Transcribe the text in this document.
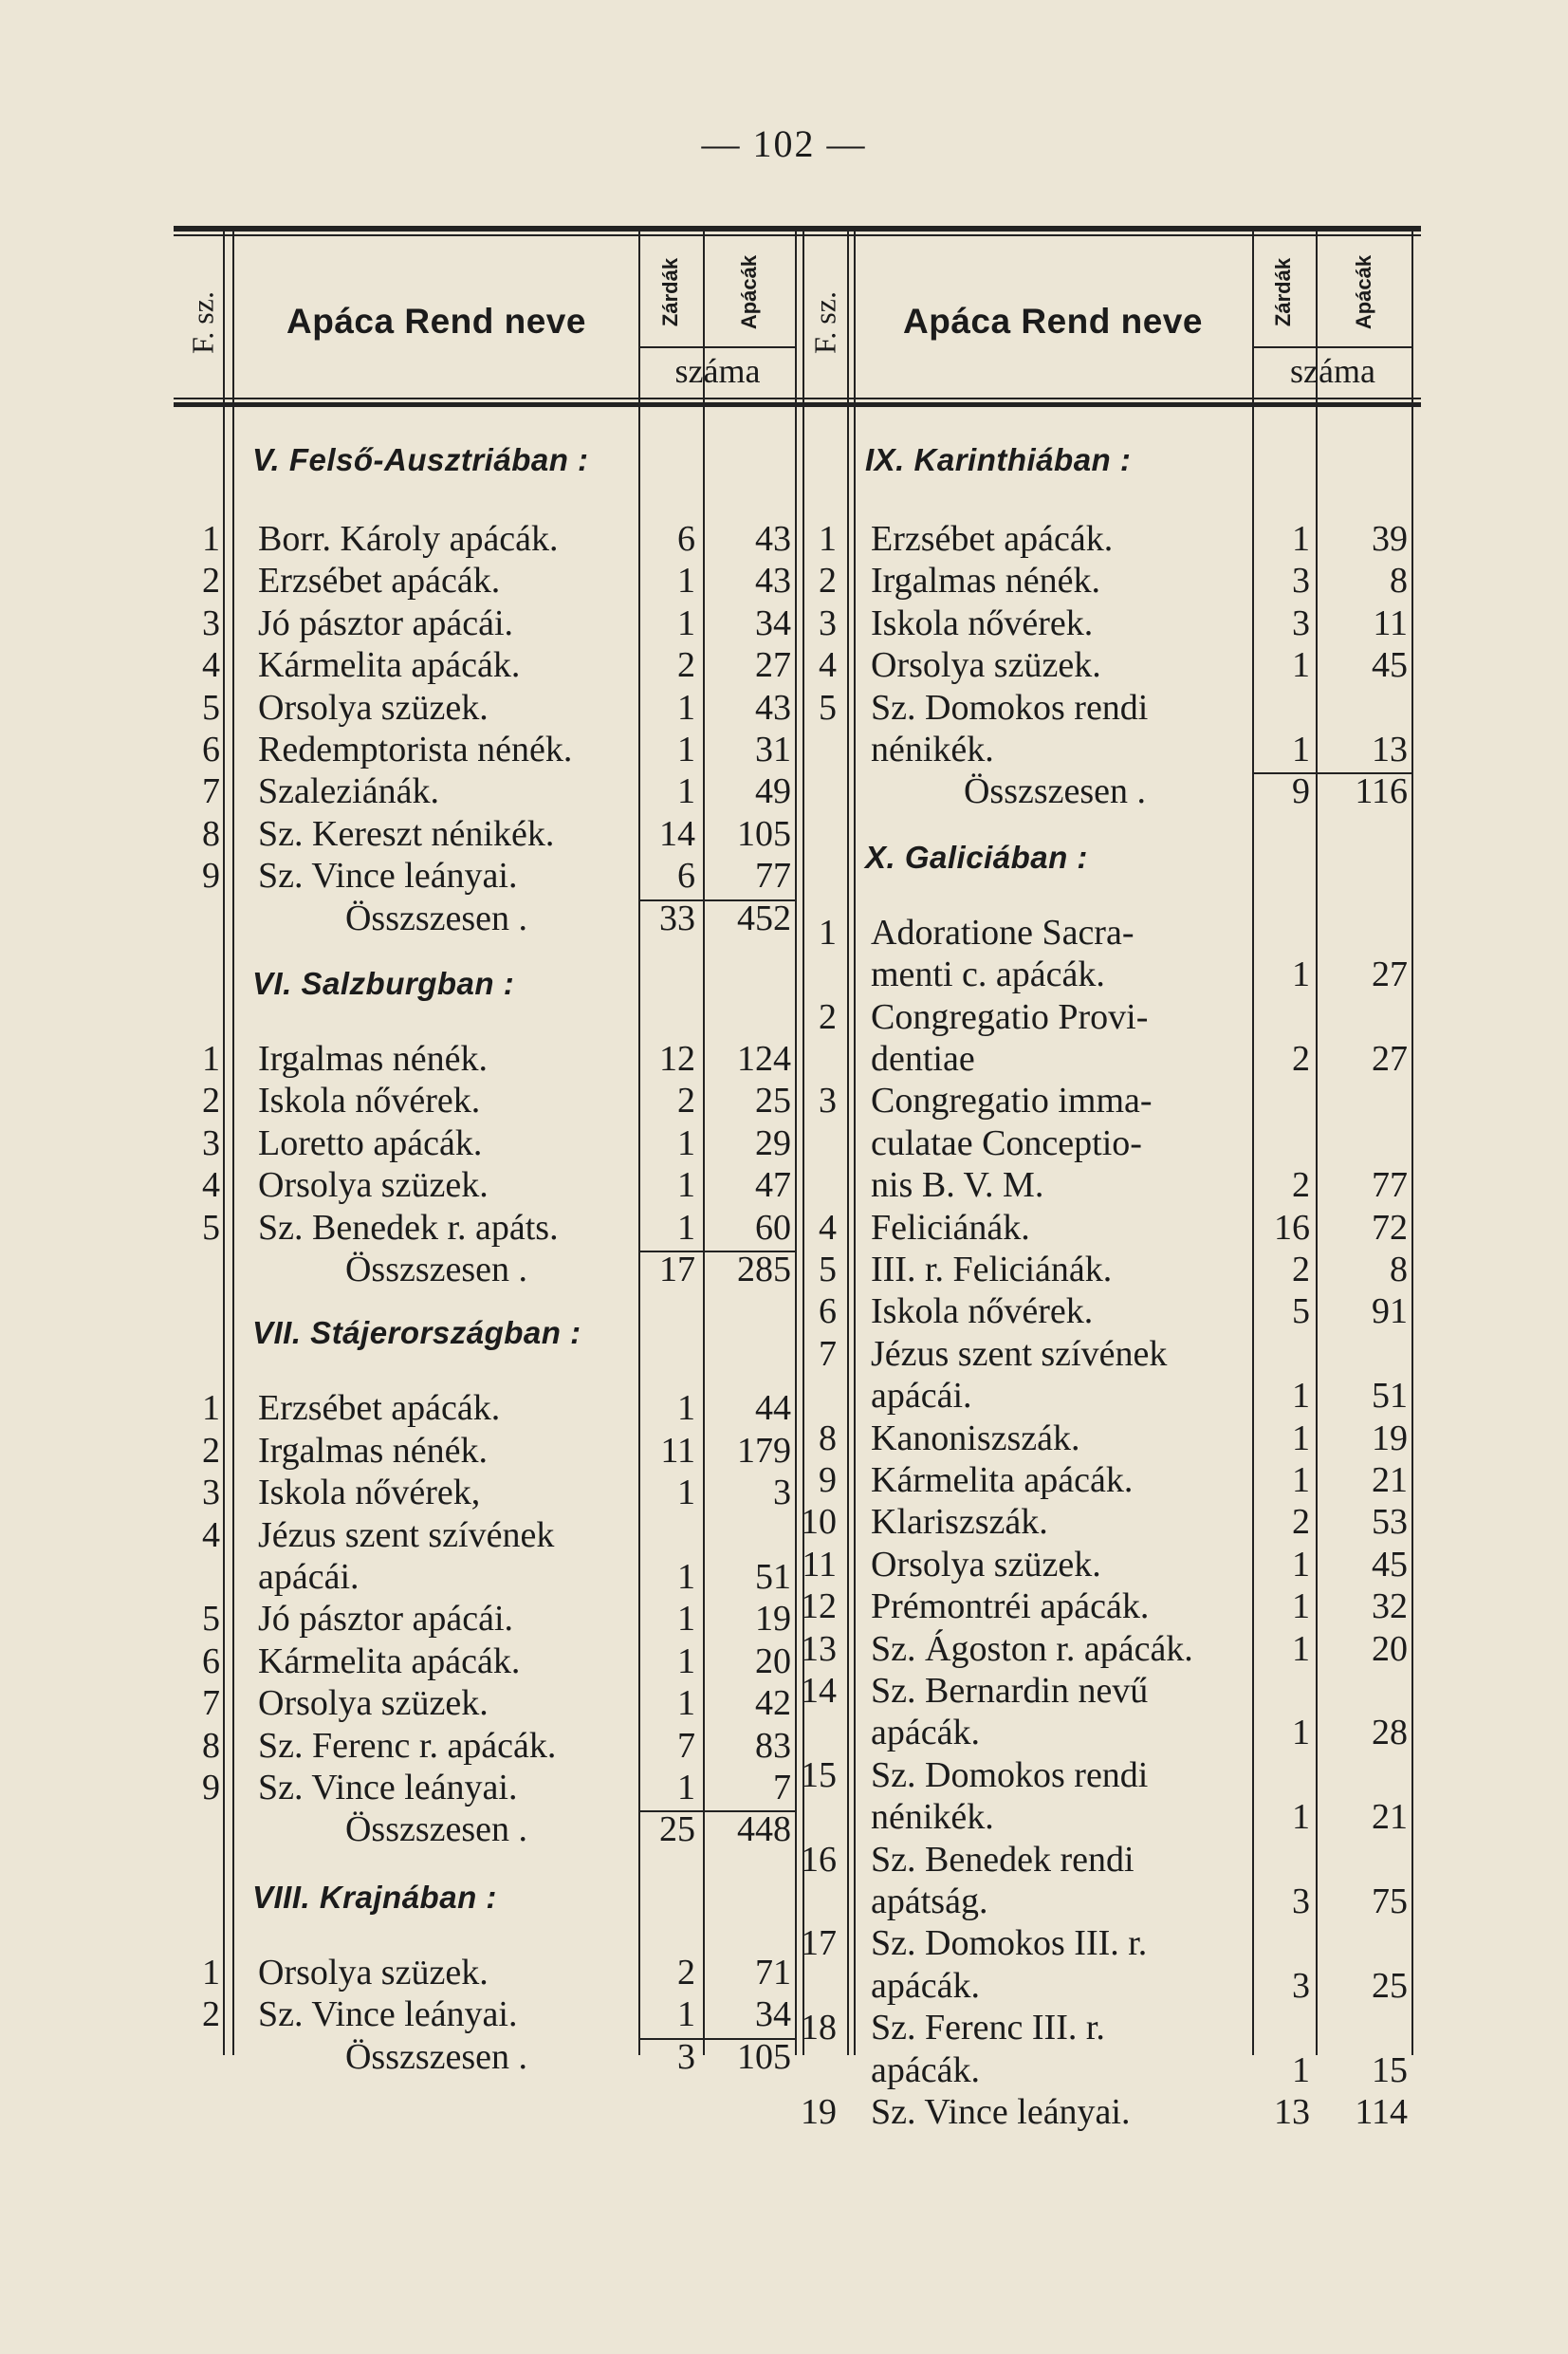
— 102 —
F. sz.	Apáca Rend neve	Zárdák	Apácák
száma
F. sz.	Apáca Rend neve	Zárdák	Apácák
száma
V. Felső-Ausztriában :
1 Borr. Károly apácák.	6	43
2 Erzsébet apácák.	1	43
3 Jó pásztor apácái.	1	34
4 Kármelita apácák.	2	27
5 Orsolya szüzek.	1	43
6 Redemptorista nénék.	1	31
7 Szaleziánák.	1	49
8 Sz. Kereszt nénikék.	14	105
9 Sz. Vince leányai.	6	77
Összszesen .	33	452
VI. Salzburgban :
1 Irgalmas nénék.	12	124
2 Iskola nővérek.	2	25
3 Loretto apácák.	1	29
4 Orsolya szüzek.	1	47
5 Sz. Benedek r. apáts.	1	60
Összszesen .	17	285
VII. Stájerországban :
1 Erzsébet apácák.	1	44
2 Irgalmas nénék.	11	179
3 Iskola nővérek,	1	3
4 Jézus szent szívének
apácái.	1	51
5 Jó pásztor apácái.	1	19
6 Kármelita apácák.	1	20
7 Orsolya szüzek.	1	42
8 Sz. Ferenc r. apácák.	7	83
9 Sz. Vince leányai.	1	7
Összszesen .	25	448
VIII. Krajnában :
1 Orsolya szüzek.	2	71
2 Sz. Vince leányai.	1	34
Összszesen .	3	105
IX. Karinthiában :
1 Erzsébet apácák.	1	39
2 Irgalmas nénék.	3	8
3 Iskola nővérek.	3	11
4 Orsolya szüzek.	1	45
5 Sz. Domokos rendi
nénikék.	1	13
Összszesen .	9	116
X. Galiciában :
1 Adoratione Sacra-
menti c. apácák.	1	27
2 Congregatio Provi-
dentiae	2	27
3 Congregatio imma-
culatae Conceptio-
nis B. V. M.	2	77
4 Feliciánák.	16	72
5 III. r. Feliciánák.	2	8
6 Iskola nővérek.	5	91
7 Jézus szent szívének
apácái.	1	51
8 Kanoniszszák.	1	19
9 Kármelita apácák.	1	21
10 Klariszszák.	2	53
11 Orsolya szüzek.	1	45
12 Prémontréi apácák.	1	32
13 Sz. Ágoston r. apácák.	1	20
14 Sz. Bernardin nevű
apácák.	1	28
15 Sz. Domokos rendi
nénikék.	1	21
16 Sz. Benedek rendi
apátság.	3	75
17 Sz. Domokos III. r.
apácák.	3	25
18 Sz. Ferenc III. r.
apácák.	1	15
19 Sz. Vince leányai.	13	114
